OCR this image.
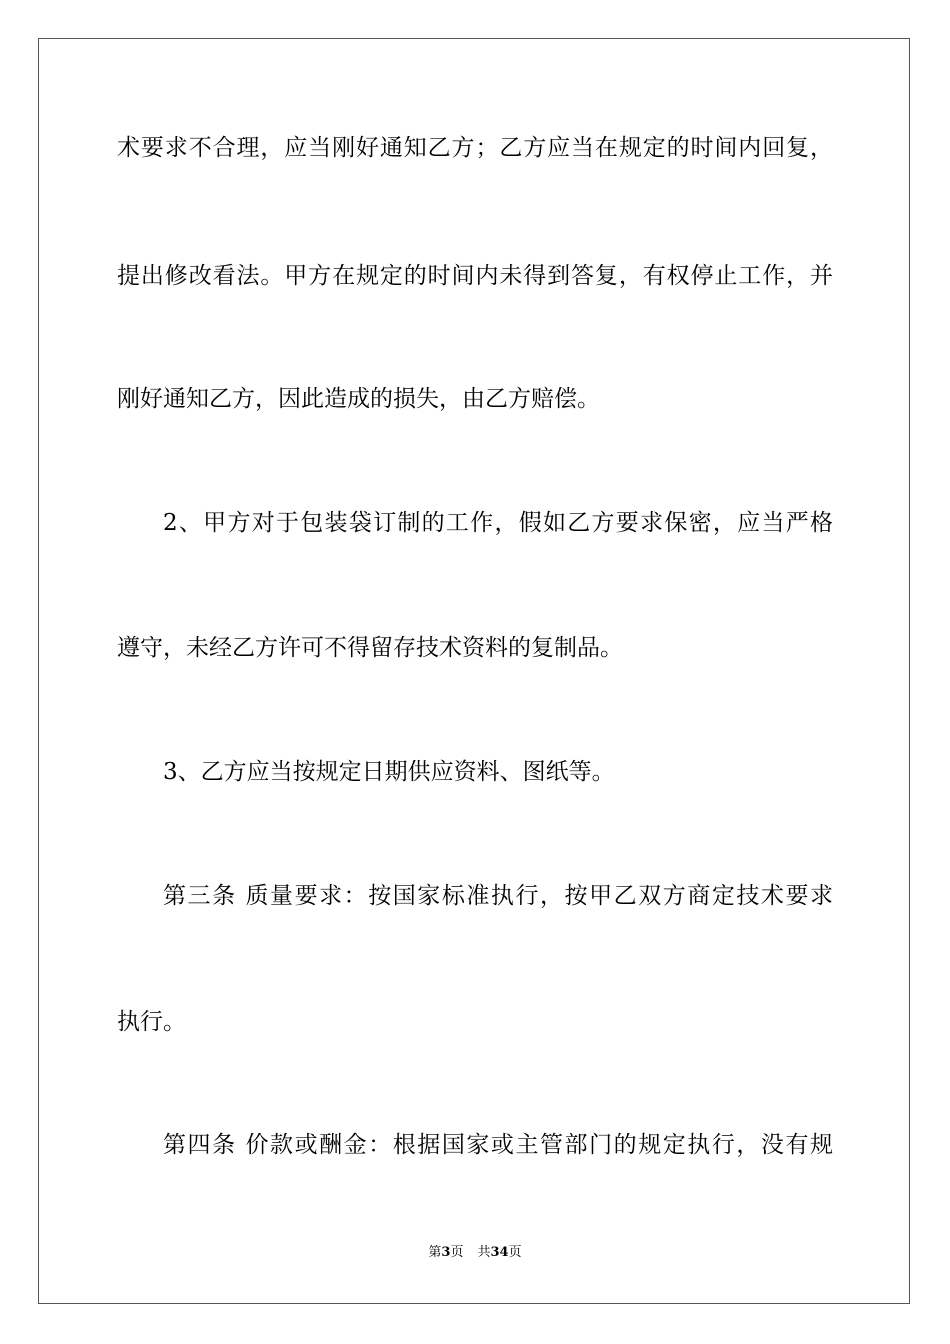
术要求不合理，应当刚好通知乙方；乙方应当在规定的时间内回复，
提出修改看法。甲方在规定的时间内未得到答复，有权停止工作，并
刚好通知乙方，因此造成的损失，由乙方赔偿。
2、甲方对于包装袋订制的工作，假如乙方要求保密，应当严格
遵守，未经乙方许可不得留存技术资料的复制品。
3、乙方应当按规定日期供应资料、图纸等。
第三条 质量要求：按国家标准执行，按甲乙双方商定技术要求
执行。
第四条 价款或酬金：根据国家或主管部门的规定执行，没有规
第3页 共34页
